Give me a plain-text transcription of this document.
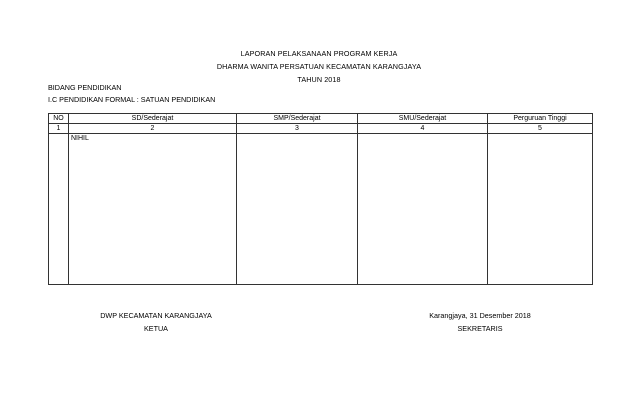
LAPORAN PELAKSANAAN PROGRAM KERJA
DHARMA WANITA PERSATUAN KECAMATAN KARANGJAYA
TAHUN 2018
BIDANG PENDIDIKAN
I.C PENDIDIKAN FORMAL : SATUAN PENDIDIKAN
NO	SD/Sederajat	SMP/Sederajat	SMU/Sederajat	Perguruan Tinggi
1	2	3	4	5
	NIHIL			
DWP KECAMATAN KARANGJAYA
KETUA
Karangjaya, 31 Desember 2018
SEKRETARIS
